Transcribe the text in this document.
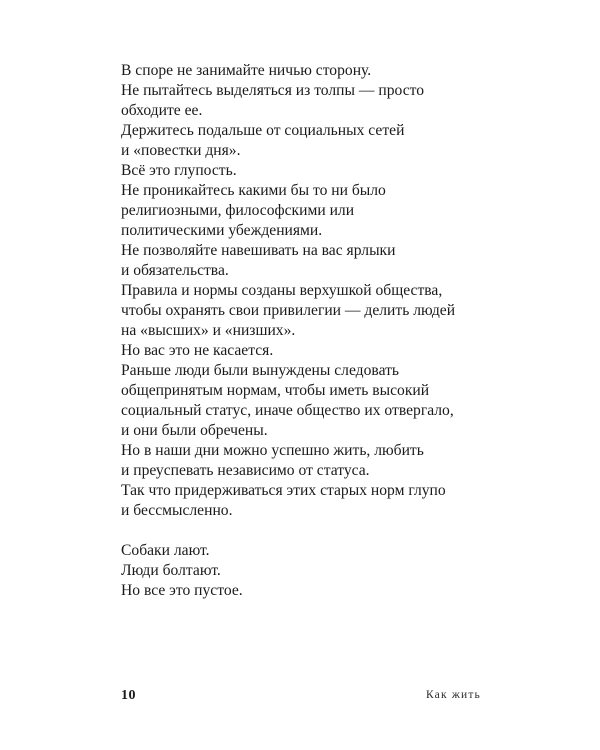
В споре не занимайте ничью сторону.
Не пытайтесь выделяться из толпы — просто
обходите ее.
Держитесь подальше от социальных сетей
и «повестки дня».
Всё это глупость.
Не проникайтесь какими бы то ни было
религиозными, философскими или
политическими убеждениями.
Не позволяйте навешивать на вас ярлыки
и обязательства.
Правила и нормы созданы верхушкой общества,
чтобы охранять свои привилегии — делить людей
на «высших» и «низших».
Но вас это не касается.
Раньше люди были вынуждены следовать
общепринятым нормам, чтобы иметь высокий
социальный статус, иначе общество их отвергало,
и они были обречены.
Но в наши дни можно успешно жить, любить
и преуспевать независимо от статуса.
Так что придерживаться этих старых норм глупо
и бессмысленно.
Собаки лают.
Люди болтают.
Но все это пустое.
10	Как жить
